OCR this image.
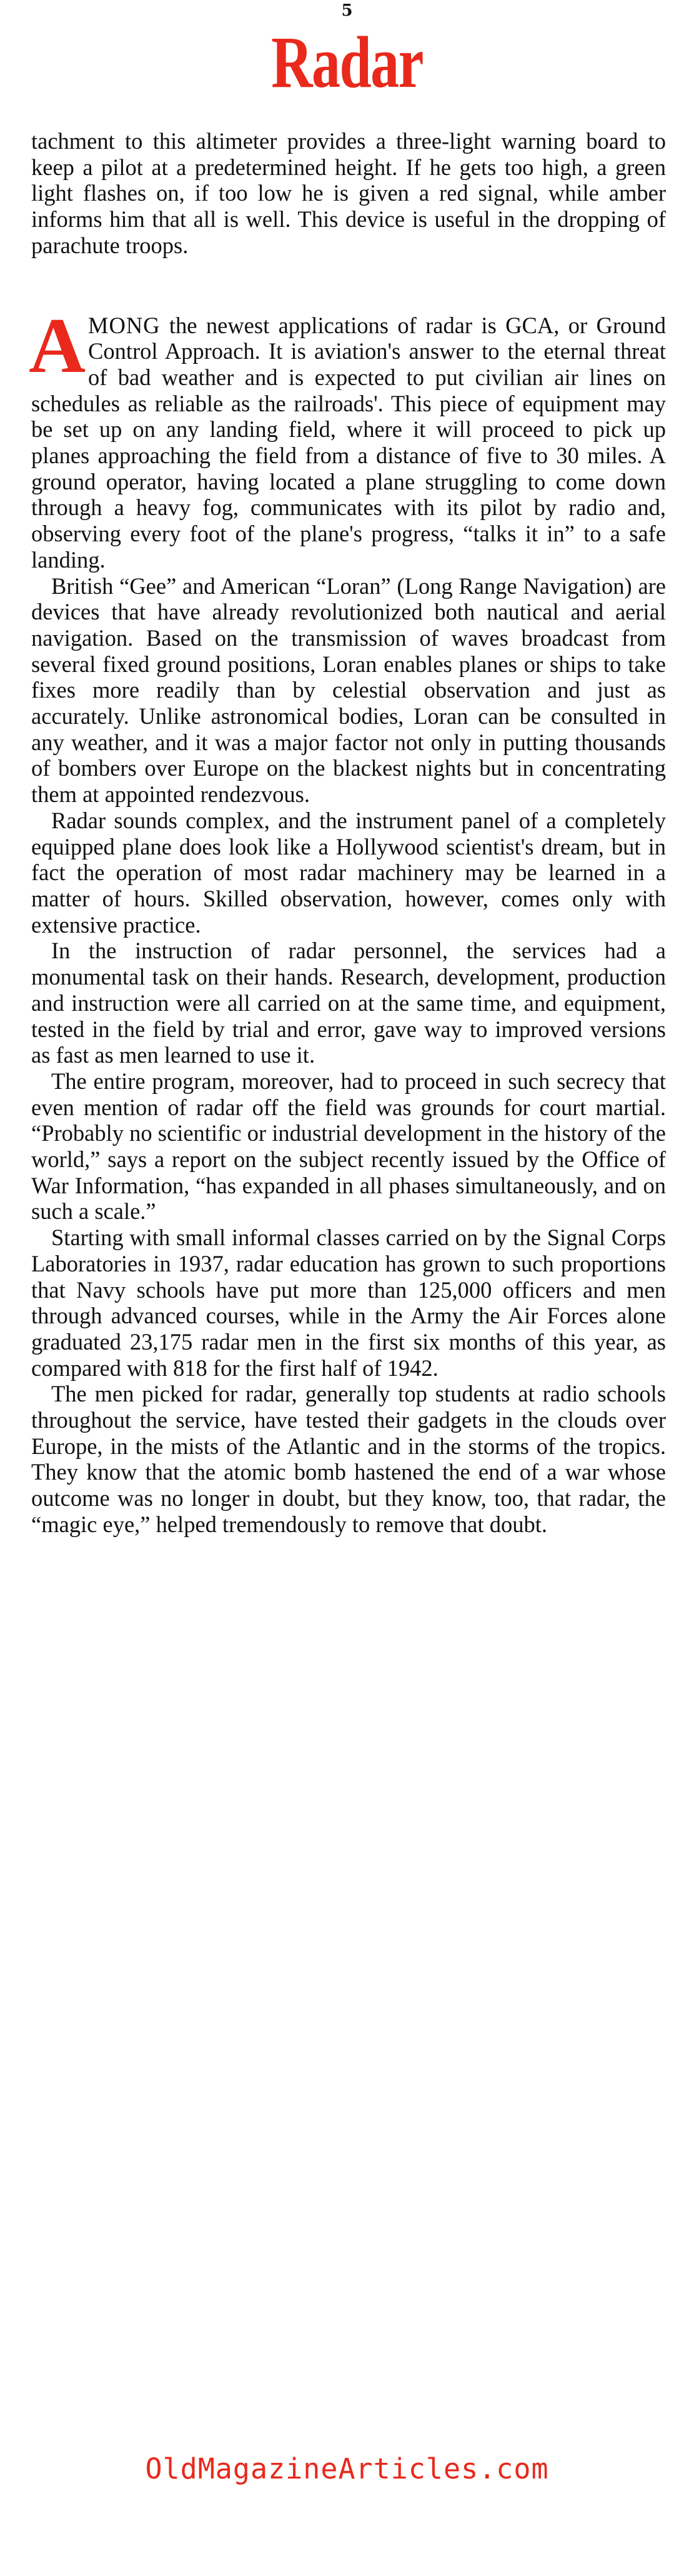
5
Radar

tachment to this altimeter provides a three-light warning board to keep a pilot at a predetermined height. If he gets too high, a green light flashes on, if too low he is given a red signal, while amber informs him that all is well. This device is useful in the dropping of parachute troops.

AMONG the newest applications of radar is GCA, or Ground Control Approach. It is aviation's answer to the eternal threat of bad weather and is expected to put civilian air lines on schedules as reliable as the railroads'. This piece of equipment may be set up on any landing field, where it will proceed to pick up planes approaching the field from a distance of five to 30 miles. A ground operator, having located a plane struggling to come down through a heavy fog, communicates with its pilot by radio and, observing every foot of the plane's progress, “talks it in” to a safe landing.

British “Gee” and American “Loran” (Long Range Navigation) are devices that have already revolutionized both nautical and aerial navigation. Based on the transmission of waves broadcast from several fixed ground positions, Loran enables planes or ships to take fixes more readily than by celestial observation and just as accurately. Unlike astronomical bodies, Loran can be consulted in any weather, and it was a major factor not only in putting thousands of bombers over Europe on the blackest nights but in concentrating them at appointed rendezvous.

Radar sounds complex, and the instrument panel of a completely equipped plane does look like a Hollywood scientist's dream, but in fact the operation of most radar machinery may be learned in a matter of hours. Skilled observation, however, comes only with extensive practice.

In the instruction of radar personnel, the services had a monumental task on their hands. Research, development, production and instruction were all carried on at the same time, and equipment, tested in the field by trial and error, gave way to improved versions as fast as men learned to use it.

The entire program, moreover, had to proceed in such secrecy that even mention of radar off the field was grounds for court martial. “Probably no scientific or industrial development in the history of the world,” says a report on the subject recently issued by the Office of War Information, “has expanded in all phases simultaneously, and on such a scale.”

Starting with small informal classes carried on by the Signal Corps Laboratories in 1937, radar education has grown to such proportions that Navy schools have put more than 125,000 officers and men through advanced courses, while in the Army the Air Forces alone graduated 23,175 radar men in the first six months of this year, as compared with 818 for the first half of 1942.

The men picked for radar, generally top students at radio schools throughout the service, have tested their gadgets in the clouds over Europe, in the mists of the Atlantic and in the storms of the tropics. They know that the atomic bomb hastened the end of a war whose outcome was no longer in doubt, but they know, too, that radar, the “magic eye,” helped tremendously to remove that doubt.

OldMagazineArticles.com
